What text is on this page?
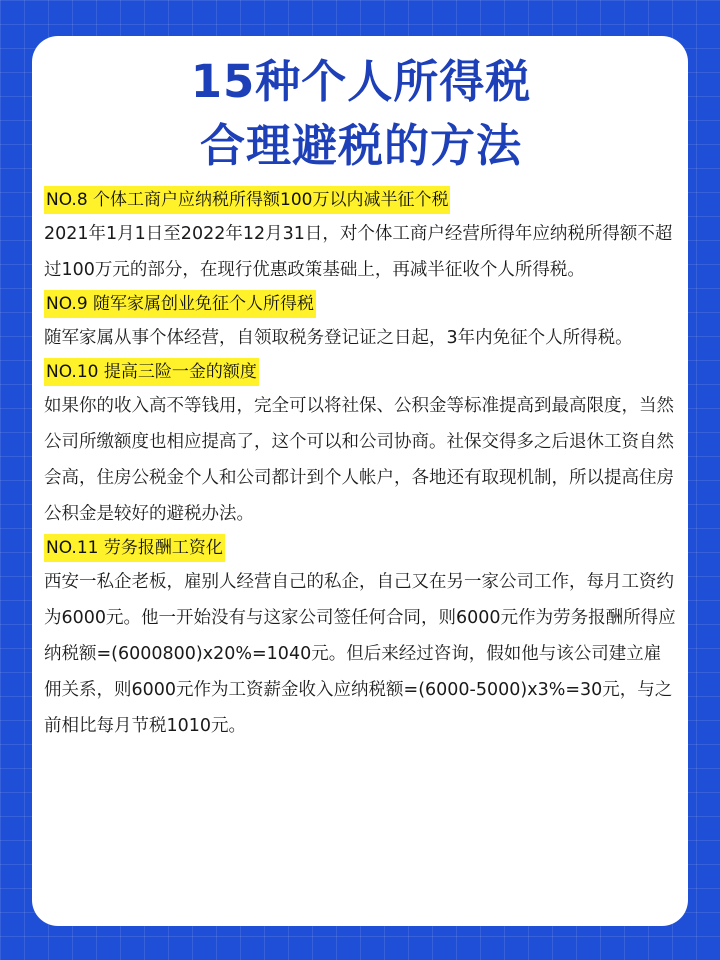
15种个人所得税
合理避税的方法
NO.8 个体工商户应纳税所得额100万以内减半征个税

2021年1月1日至2022年12月31日，对个体工商户经营所得年应纳税所得额不超过100万元的部分，在现行优惠政策基础上，再减半征收个人所得税。

NO.9 随军家属创业免征个人所得税

随军家属从事个体经营，自领取税务登记证之日起，3年内免征个人所得税。

NO.10 提高三险一金的额度

如果你的收入高不等钱用，完全可以将社保、公积金等标准提高到最高限度，当然公司所缴额度也相应提高了，这个可以和公司协商。社保交得多之后退休工资自然会高，住房公税金个人和公司都计到个人帐户，各地还有取现机制，所以提高住房公积金是较好的避税办法。

NO.11 劳务报酬工资化

西安一私企老板，雇别人经营自己的私企，自己又在另一家公司工作，每月工资约为6000元。他一开始没有与这家公司签任何合同，则6000元作为劳务报酬所得应纳税额=(6000800)x20%=1040元。但后来经过咨询，假如他与该公司建立雇佣关系，则6000元作为工资薪金收入应纳税额=(6000-5000)x3%=30元，与之前相比每月节税1010元。
